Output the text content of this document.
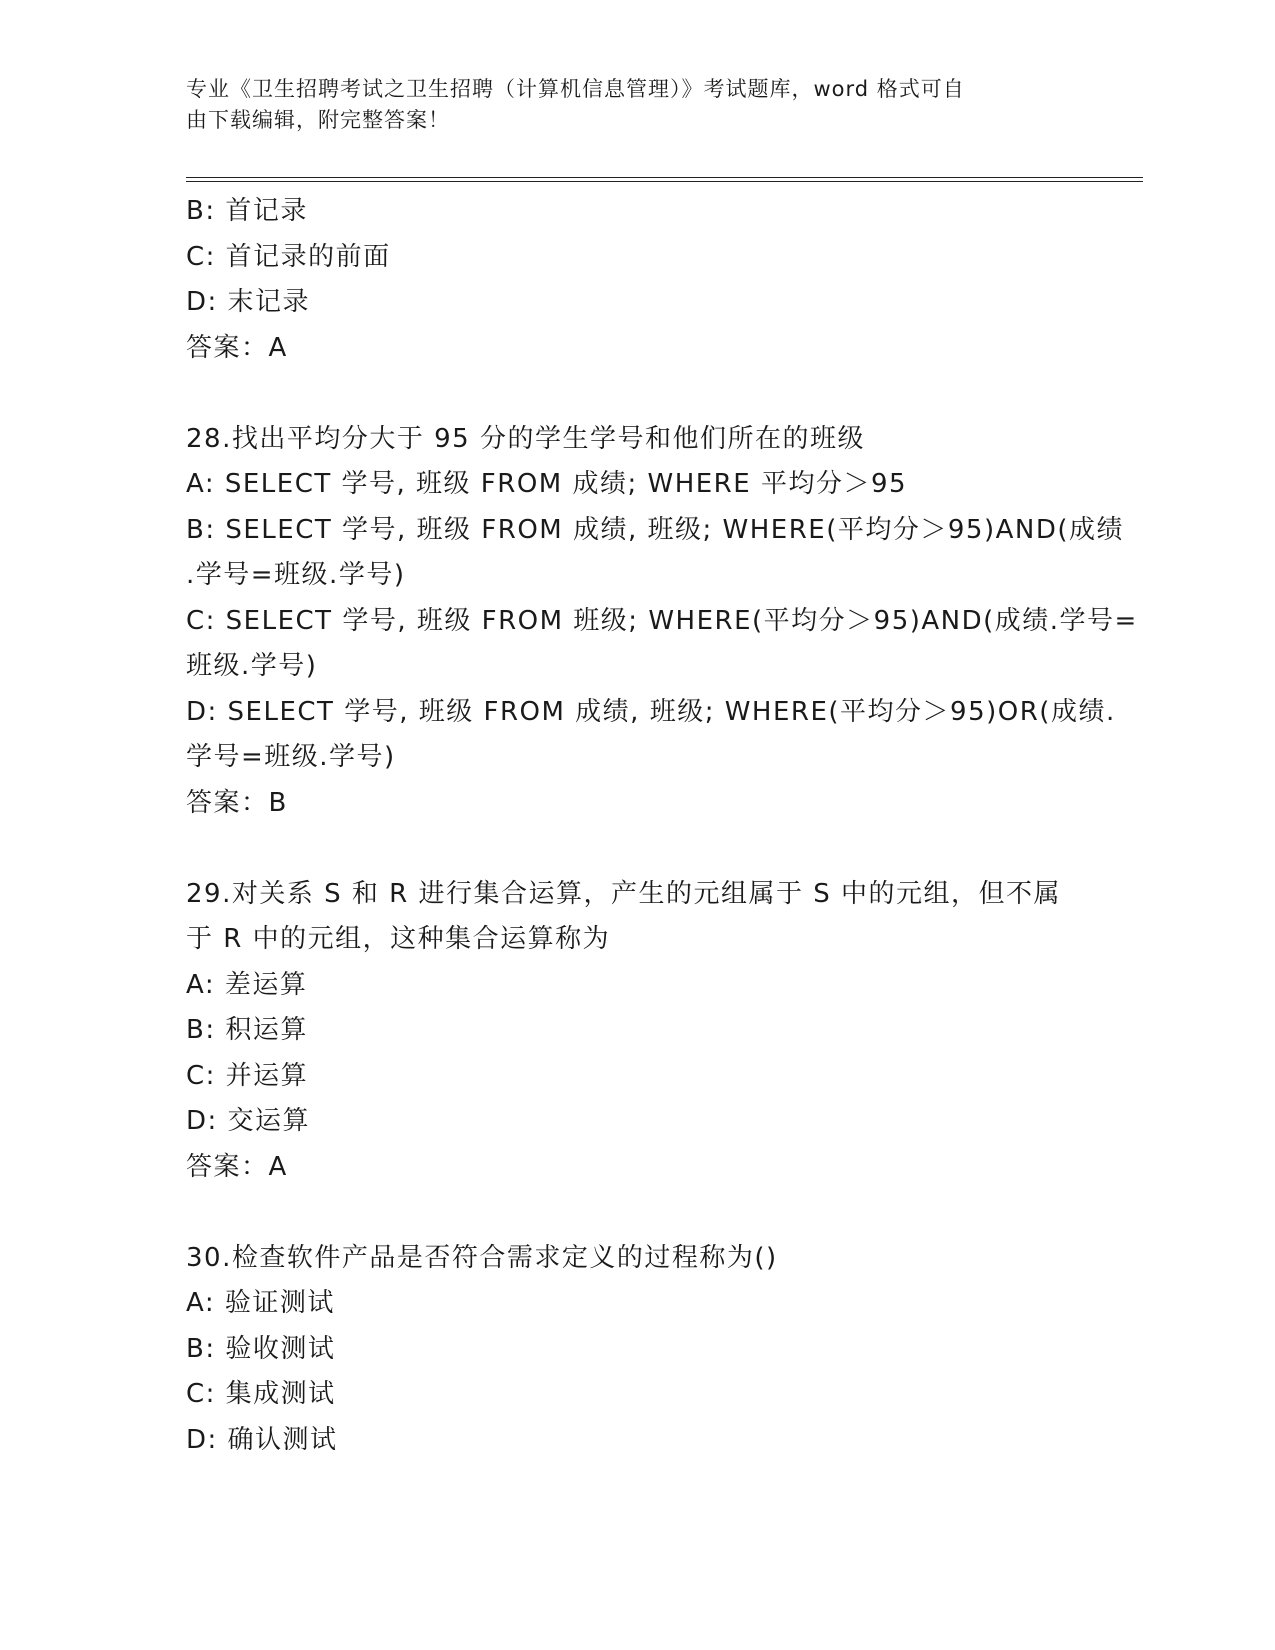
专业《卫生招聘考试之卫生招聘（计算机信息管理）》考试题库，word 格式可自
由下载编辑，附完整答案！
B: 首记录
C: 首记录的前面
D: 末记录
答案：A
28.找出平均分大于 95 分的学生学号和他们所在的班级
A: SELECT 学号, 班级 FROM 成绩; WHERE 平均分＞95
B: SELECT 学号, 班级 FROM 成绩, 班级; WHERE(平均分＞95)AND(成绩
.学号=班级.学号)
C: SELECT 学号, 班级 FROM 班级; WHERE(平均分＞95)AND(成绩.学号=
班级.学号)
D: SELECT 学号, 班级 FROM 成绩, 班级; WHERE(平均分＞95)OR(成绩.
学号=班级.学号)
答案：B
29.对关系 S 和 R 进行集合运算，产生的元组属于 S 中的元组，但不属
于 R 中的元组，这种集合运算称为
A: 差运算
B: 积运算
C: 并运算
D: 交运算
答案：A
30.检查软件产品是否符合需求定义的过程称为()
A: 验证测试
B: 验收测试
C: 集成测试
D: 确认测试
